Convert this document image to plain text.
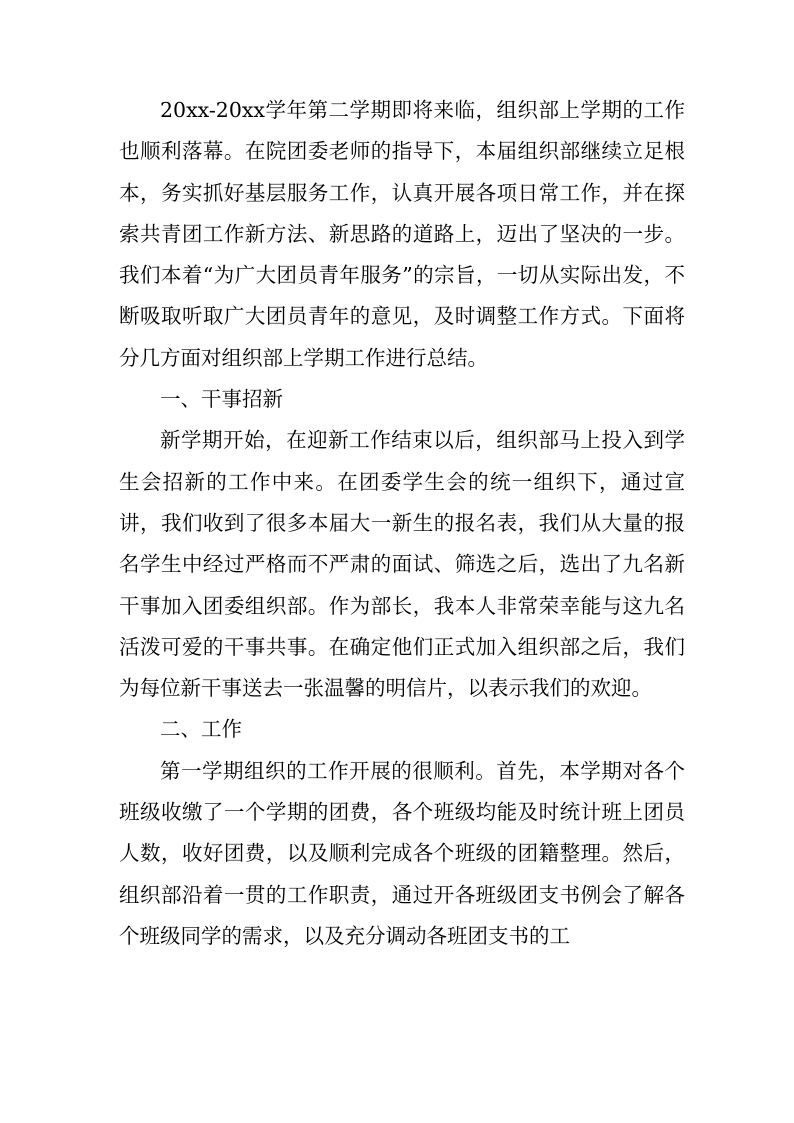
20xx-20xx学年第二学期即将来临，组织部上学期的工作也顺利落幕。在院团委老师的指导下，本届组织部继续立足根本，务实抓好基层服务工作，认真开展各项日常工作，并在探索共青团工作新方法、新思路的道路上，迈出了坚决的一步。我们本着“为广大团员青年服务”的宗旨，一切从实际出发，不断吸取听取广大团员青年的意见，及时调整工作方式。下面将分几方面对组织部上学期工作进行总结。

一、干事招新

新学期开始，在迎新工作结束以后，组织部马上投入到学生会招新的工作中来。在团委学生会的统一组织下，通过宣讲，我们收到了很多本届大一新生的报名表，我们从大量的报名学生中经过严格而不严肃的面试、筛选之后，选出了九名新干事加入团委组织部。作为部长，我本人非常荣幸能与这九名活泼可爱的干事共事。在确定他们正式加入组织部之后，我们为每位新干事送去一张温馨的明信片，以表示我们的欢迎。

二、工作

第一学期组织的工作开展的很顺利。首先，本学期对各个班级收缴了一个学期的团费，各个班级均能及时统计班上团员人数，收好团费，以及顺利完成各个班级的团籍整理。然后，组织部沿着一贯的工作职责，通过开各班级团支书例会了解各个班级同学的需求，以及充分调动各班团支书的工
